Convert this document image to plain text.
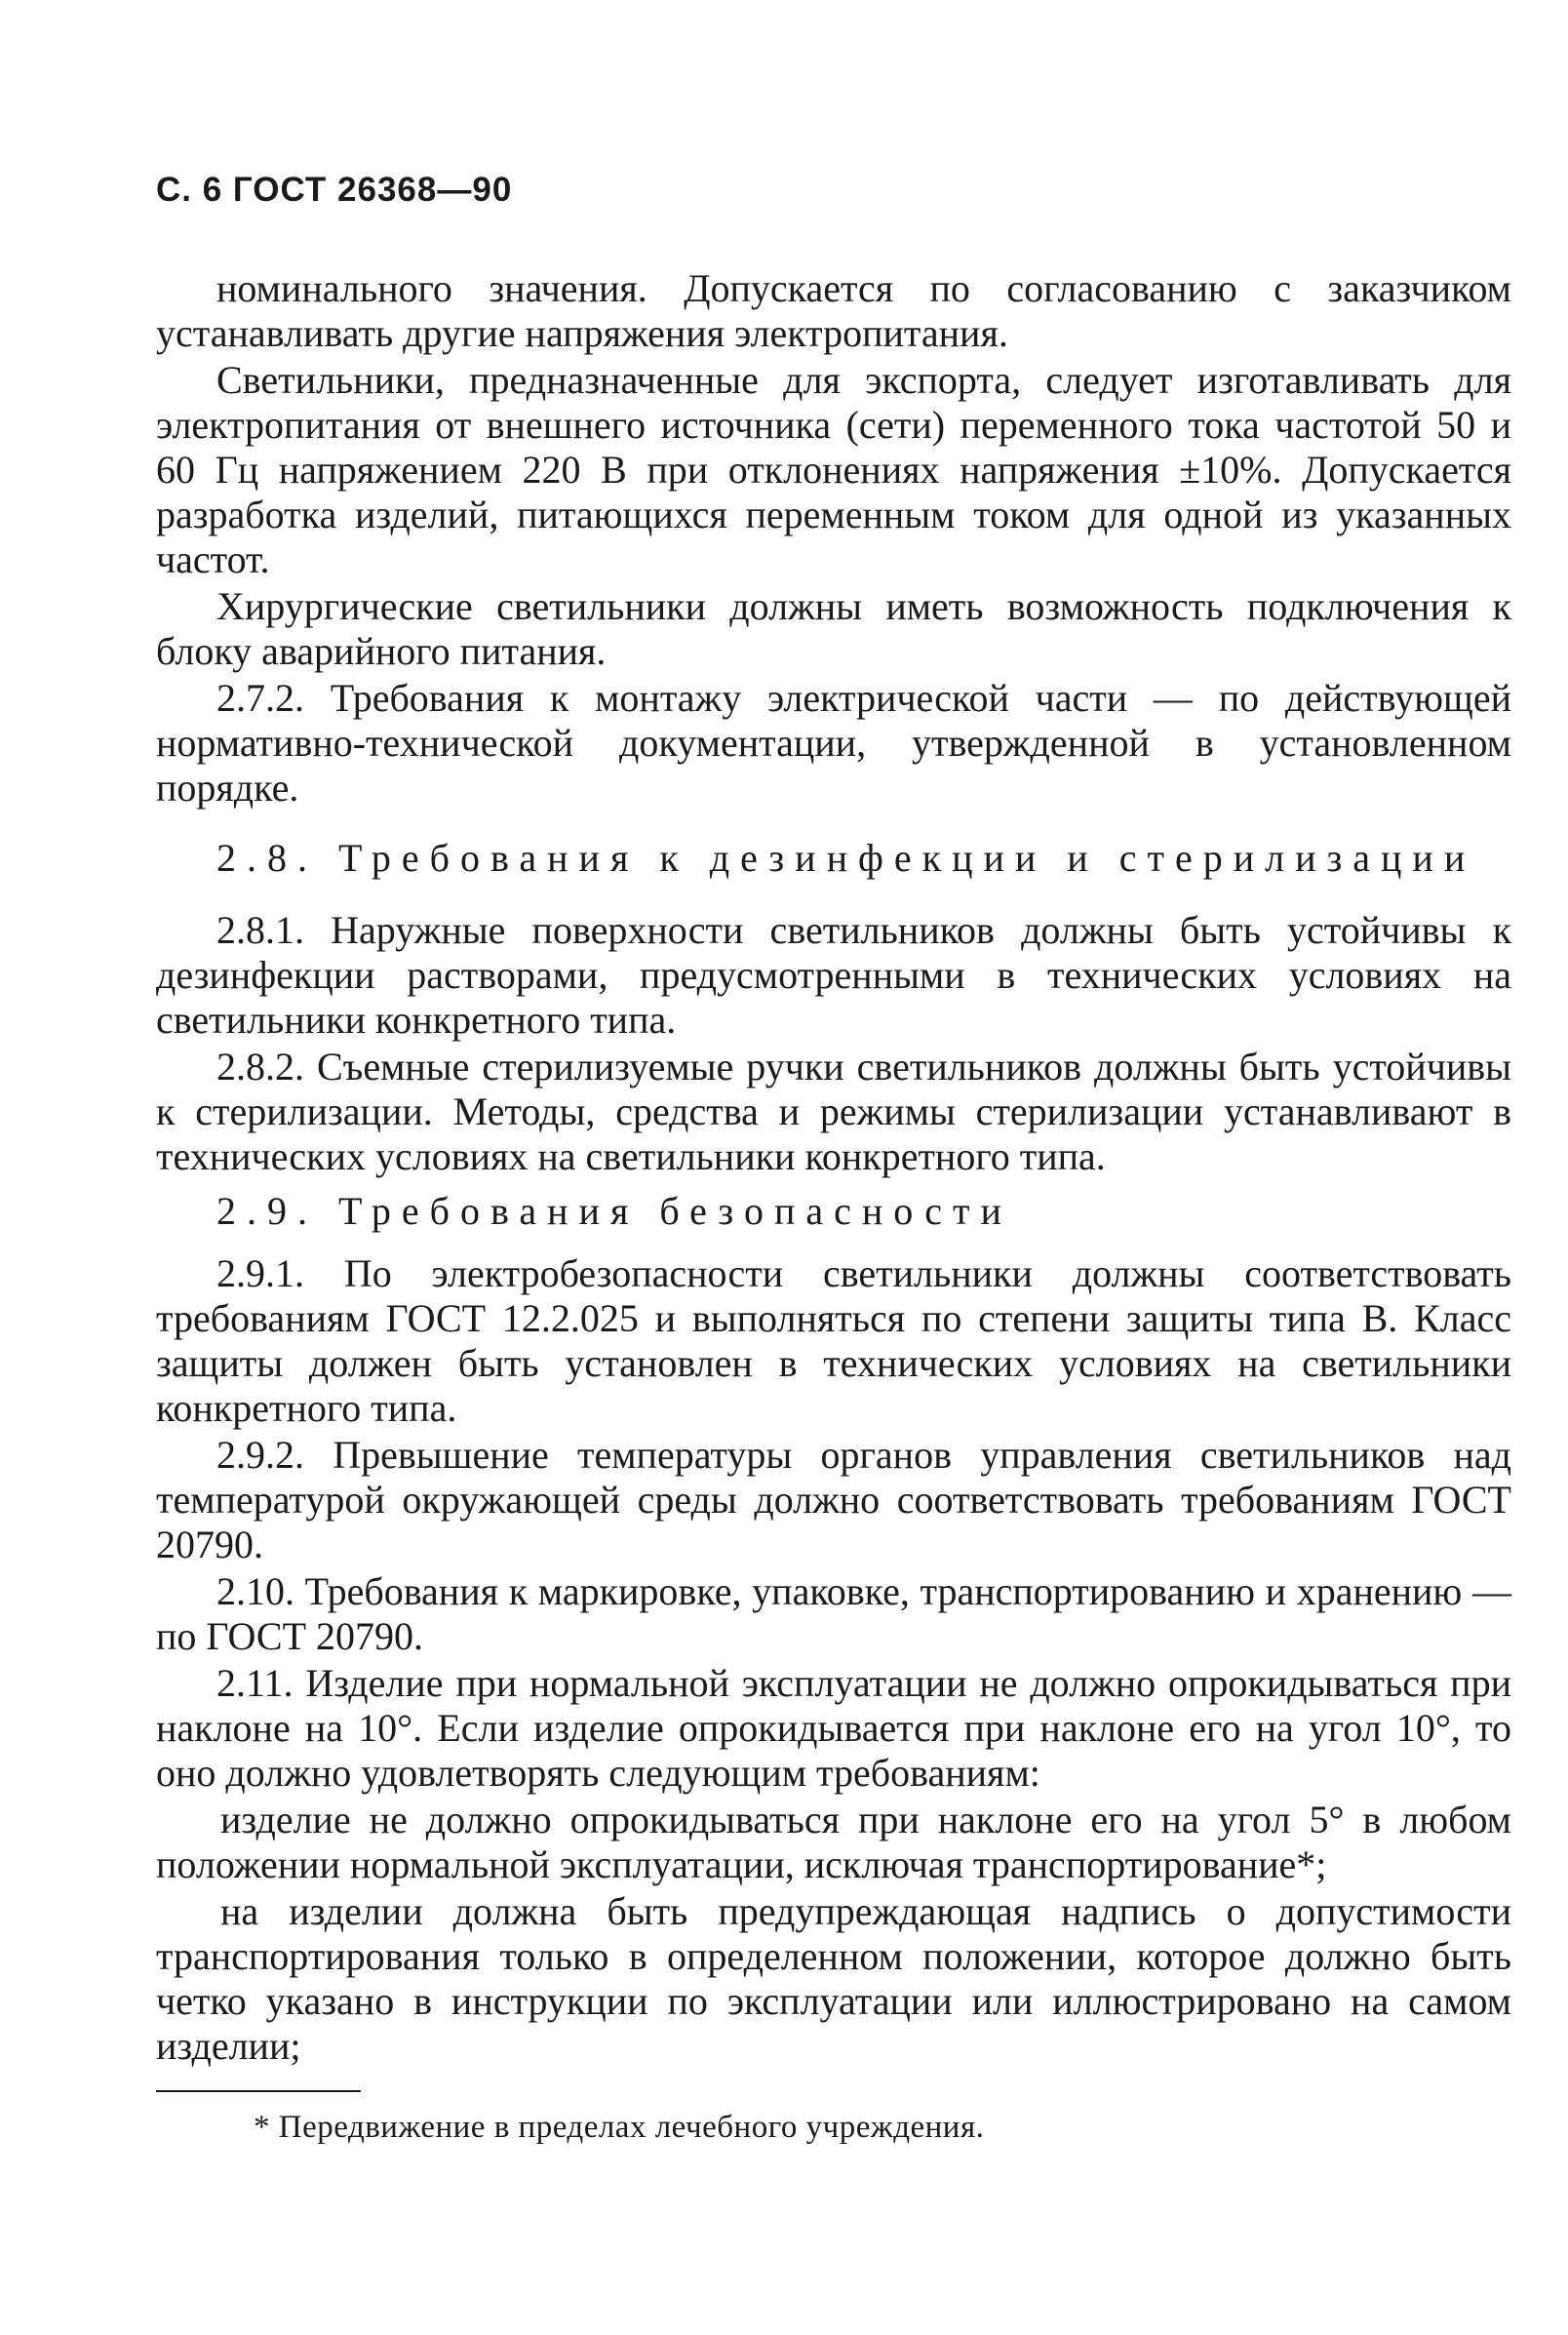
С. 6 ГОСТ 26368—90

номинального значения. Допускается по согласованию с заказчиком устанавливать другие напряжения электропитания.

Светильники, предназначенные для экспорта, следует изготавливать для электропитания от внешнего источника (сети) переменного тока частотой 50 и 60 Гц напряжением 220 В при отклонениях напряжения ±10%. Допускается разработка изделий, питающихся переменным током для одной из указанных частот.

Хирургические светильники должны иметь возможность подключения к блоку аварийного питания.

2.7.2. Требования к монтажу электрической части — по действующей нормативно-технической документации, утвержденной в установленном порядке.

2.8. Требования к дезинфекции и стерилизации

2.8.1. Наружные поверхности светильников должны быть устойчивы к дезинфекции растворами, предусмотренными в технических условиях на светильники конкретного типа.

2.8.2. Съемные стерилизуемые ручки светильников должны быть устойчивы к стерилизации. Методы, средства и режимы стерилизации устанавливают в технических условиях на светильники конкретного типа.

2.9. Требования безопасности

2.9.1. По электробезопасности светильники должны соответствовать требованиям ГОСТ 12.2.025 и выполняться по степени защиты типа В. Класс защиты должен быть установлен в технических условиях на светильники конкретного типа.

2.9.2. Превышение температуры органов управления светильников над температурой окружающей среды должно соответствовать требованиям ГОСТ 20790.

2.10. Требования к маркировке, упаковке, транспортированию и хранению — по ГОСТ 20790.

2.11. Изделие при нормальной эксплуатации не должно опрокидываться при наклоне на 10°. Если изделие опрокидывается при наклоне его на угол 10°, то оно должно удовлетворять следующим требованиям:

изделие не должно опрокидываться при наклоне его на угол 5° в любом положении нормальной эксплуатации, исключая транспортирование*;

на изделии должна быть предупреждающая надпись о допустимости транспортирования только в определенном положении, которое должно быть четко указано в инструкции по эксплуатации или иллюстрировано на самом изделии;

* Передвижение в пределах лечебного учреждения.
